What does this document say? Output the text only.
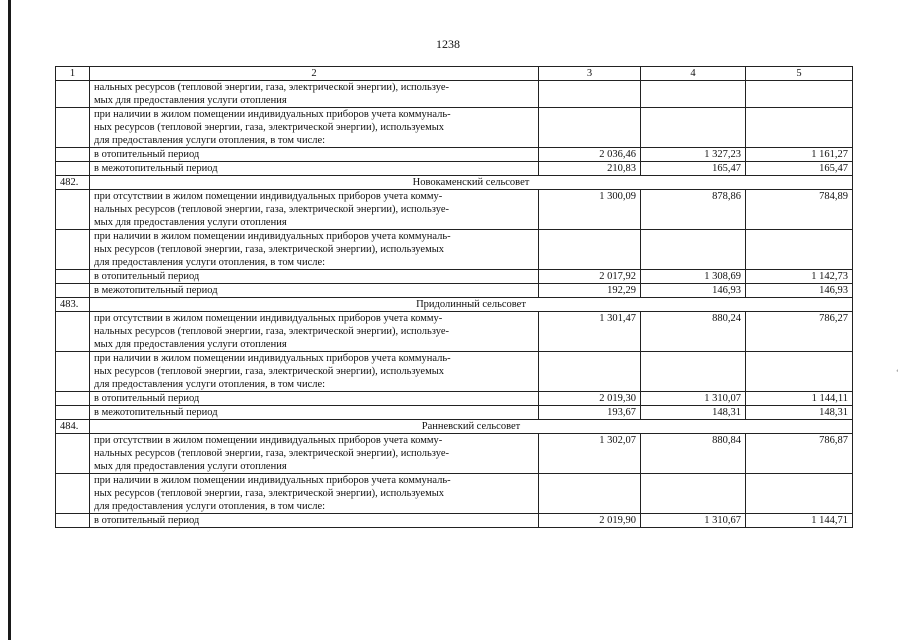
1238
‘
1	2	3	4	5

	нальных ресурсов (тепловой энергии, газа, электрической энергии), используе-
мых для предоставления услуги отопления			

	при наличии в жилом помещении индивидуальных приборов учета коммуналь-
ных ресурсов (тепловой энергии, газа, электрической энергии), используемых
для предоставления услуги отопления, в том числе:			

	в отопительный период	2 036,46	1 327,23	1 161,27

	в межотопительный период	210,83	165,47	165,47
482.	Новокаменский сельсовет			

	при отсутствии в жилом помещении индивидуальных приборов учета комму-
нальных ресурсов (тепловой энергии, газа, электрической энергии), используе-
мых для предоставления услуги отопления	1 300,09	878,86	784,89

	при наличии в жилом помещении индивидуальных приборов учета коммуналь-
ных ресурсов (тепловой энергии, газа, электрической энергии), используемых
для предоставления услуги отопления, в том числе:			

	в отопительный период	2 017,92	1 308,69	1 142,73

	в межотопительный период	192,29	146,93	146,93
483.	Придолинный сельсовет			

	при отсутствии в жилом помещении индивидуальных приборов учета комму-
нальных ресурсов (тепловой энергии, газа, электрической энергии), используе-
мых для предоставления услуги отопления	1 301,47	880,24	786,27

	при наличии в жилом помещении индивидуальных приборов учета коммуналь-
ных ресурсов (тепловой энергии, газа, электрической энергии), используемых
для предоставления услуги отопления, в том числе:			

	в отопительный период	2 019,30	1 310,07	1 144,11

	в межотопительный период	193,67	148,31	148,31
484.	Ранневский сельсовет			

	при отсутствии в жилом помещении индивидуальных приборов учета комму-
нальных ресурсов (тепловой энергии, газа, электрической энергии), используе-
мых для предоставления услуги отопления	1 302,07	880,84	786,87

	при наличии в жилом помещении индивидуальных приборов учета коммуналь-
ных ресурсов (тепловой энергии, газа, электрической энергии), используемых
для предоставления услуги отопления, в том числе:			

	в отопительный период	2 019,90	1 310,67	1 144,71
